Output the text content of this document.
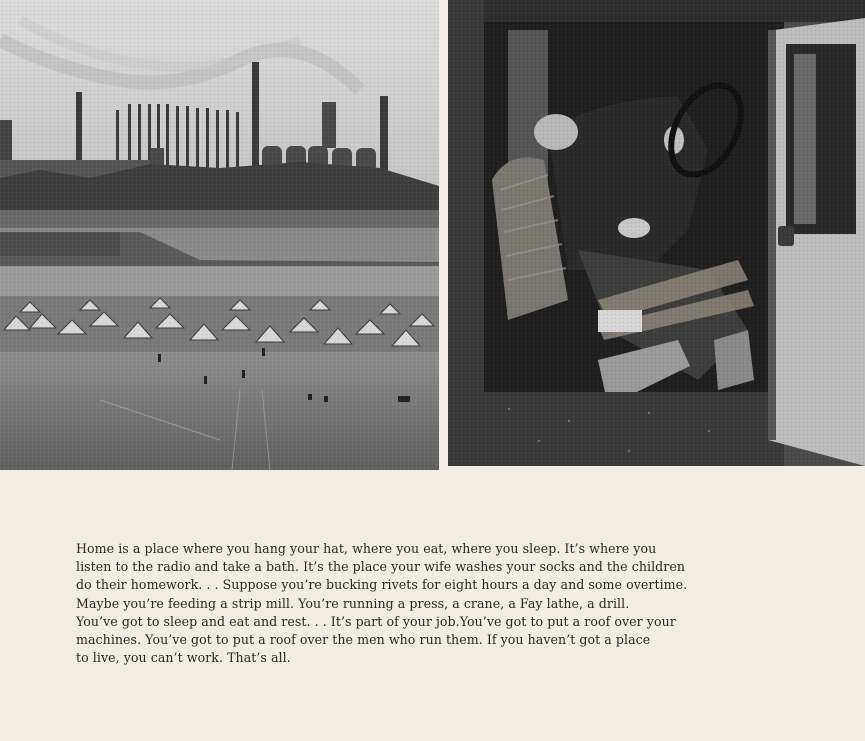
Home is a place where you hang your hat, where you eat, where you sleep. It’s where you
listen to the radio and take a bath. It’s the place your wife washes your socks and the children
do their homework. . . Suppose you’re bucking rivets for eight hours a day and some overtime.
Maybe you’re feeding a strip mill. You’re running a press, a crane, a Fay lathe, a drill.
You’ve got to sleep and eat and rest. . . It’s part of your job.You’ve got to put a roof over your
machines. You’ve got to put a roof over the men who run them. If you haven’t got a place
to live, you can’t work. That’s all.
